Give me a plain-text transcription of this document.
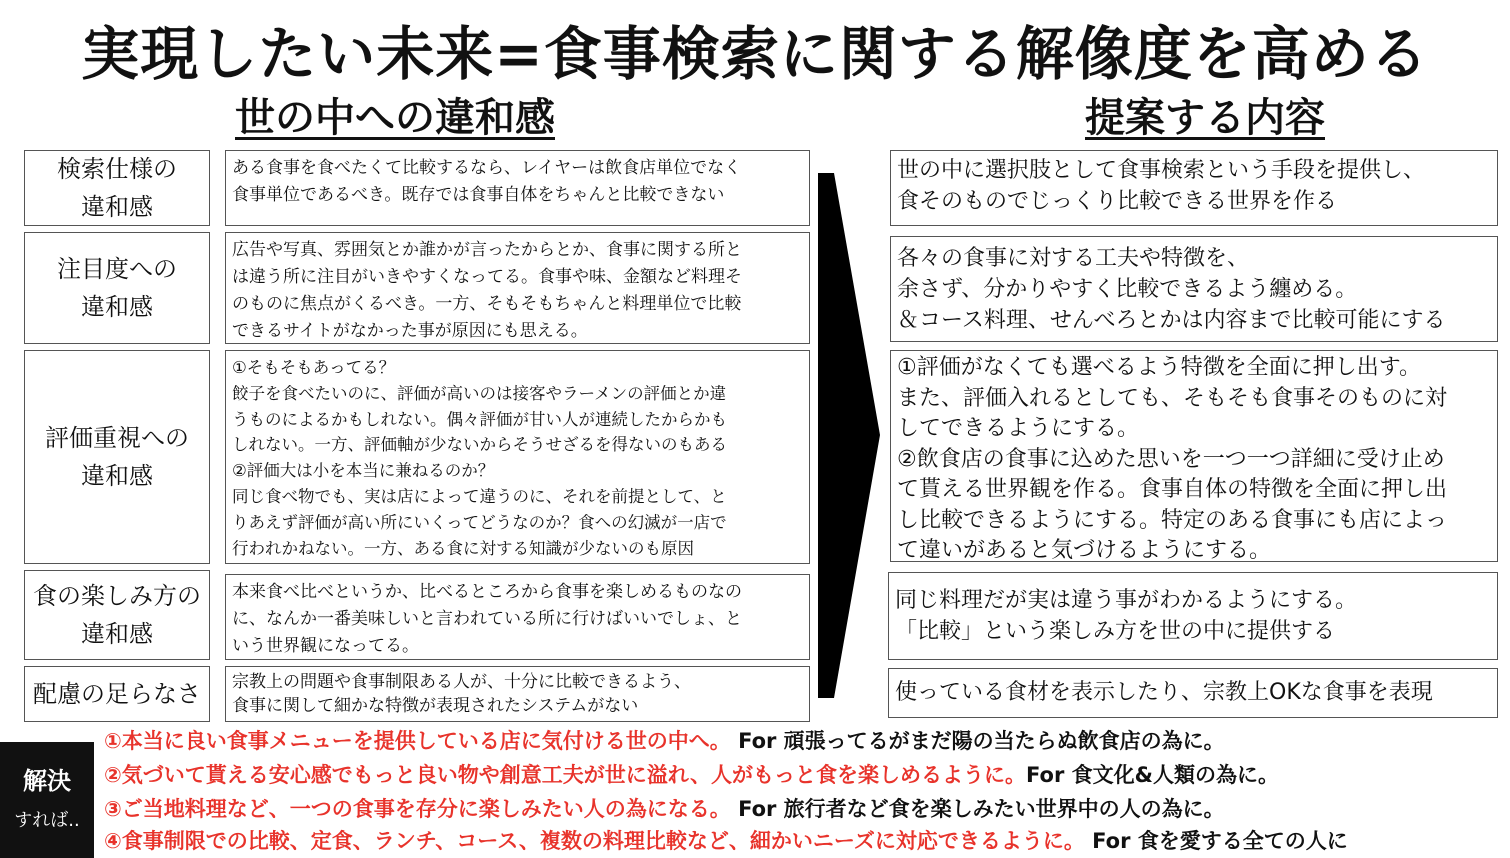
実現したい未来=食事検索に関する解像度を高める
世の中への違和感	提案する内容
検索仕様の
違和感
ある食事を食べたくて比較するなら、レイヤーは飲食店単位でなく
食事単位であるべき。既存では食事自体をちゃんと比較できない
世の中に選択肢として食事検索という手段を提供し、
食そのものでじっくり比較できる世界を作る
注目度への
違和感
広告や写真、雰囲気とか誰かが言ったからとか、食事に関する所と
は違う所に注目がいきやすくなってる。食事や味、金額など料理そ
のものに焦点がくるべき。一方、そもそもちゃんと料理単位で比較
できるサイトがなかった事が原因にも思える。
各々の食事に対する工夫や特徴を、
余さず、分かりやすく比較できるよう纏める。
＆コース料理、せんべろとかは内容まで比較可能にする
評価重視への
違和感
①そもそもあってる？
餃子を食べたいのに、評価が高いのは接客やラーメンの評価とか違
うものによるかもしれない。偶々評価が甘い人が連続したからかも
しれない。一方、評価軸が少ないからそうせざるを得ないのもある
②評価大は小を本当に兼ねるのか？
同じ食べ物でも、実は店によって違うのに、それを前提として、と
りあえず評価が高い所にいくってどうなのか？食への幻滅が一店で
行われかねない。一方、ある食に対する知識が少ないのも原因
①評価がなくても選べるよう特徴を全面に押し出す。
また、評価入れるとしても、そもそも食事そのものに対
してできるようにする。
②飲食店の食事に込めた思いを一つ一つ詳細に受け止め
て貰える世界観を作る。食事自体の特徴を全面に押し出
し比較できるようにする。特定のある食事にも店によっ
て違いがあると気づけるようにする。
食の楽しみ方の
違和感
本来食べ比べというか、比べるところから食事を楽しめるものなの
に、なんか一番美味しいと言われている所に行けばいいでしょ、と
いう世界観になってる。
同じ料理だが実は違う事がわかるようにする。
「比較」という楽しみ方を世の中に提供する
配慮の足らなさ 宗教上の問題や食事制限ある人が、十分に比較できるよう、
食事に関して細かな特徴が表現されたシステムがない
使っている食材を表示したり、宗教上OKな食事を表現
解決
すれば..
①本当に良い食事メニューを提供している店に気付ける世の中へ。 For 頑張ってるがまだ陽の当たらぬ飲食店の為に。
②気づいて貰える安心感でもっと良い物や創意工夫が世に溢れ、人がもっと食を楽しめるように。For 食文化&人類の為に。
③ご当地料理など、一つの食事を存分に楽しみたい人の為になる。 For 旅行者など食を楽しみたい世界中の人の為に。
④食事制限での比較、定食、ランチ、コース、複数の料理比較など、細かいニーズに対応できるように。 For 食を愛する全ての人に
